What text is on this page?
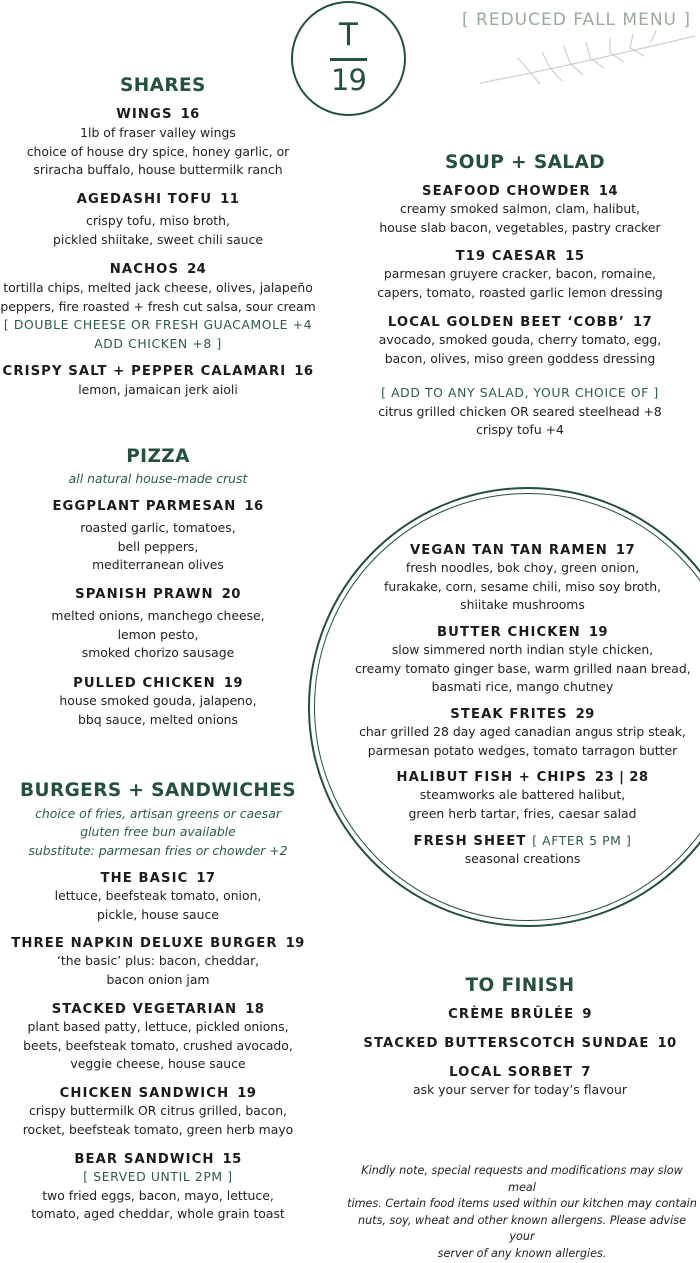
T
19
[ REDUCED FALL MENU ]
SHARES
WINGS 16
1lb of fraser valley wings
choice of house dry spice, honey garlic, or
sriracha buffalo, house buttermilk ranch
AGEDASHI TOFU 11
crispy tofu, miso broth,
pickled shiitake, sweet chili sauce
NACHOS 24
tortilla chips, melted jack cheese, olives, jalapeño
peppers, fire roasted + fresh cut salsa, sour cream
[ DOUBLE CHEESE OR FRESH GUACAMOLE +4
ADD CHICKEN +8 ]
CRISPY SALT + PEPPER CALAMARI 16
lemon, jamaican jerk aioli
PIZZA
all natural house-made crust
EGGPLANT PARMESAN 16
roasted garlic, tomatoes,
bell peppers,
mediterranean olives
SPANISH PRAWN 20
melted onions, manchego cheese,
lemon pesto,
smoked chorizo sausage
PULLED CHICKEN 19
house smoked gouda, jalapeno,
bbq sauce, melted onions
BURGERS + SANDWICHES
choice of fries, artisan greens or caesar
gluten free bun available
substitute: parmesan fries or chowder +2
THE BASIC 17
lettuce, beefsteak tomato, onion,
pickle, house sauce
THREE NAPKIN DELUXE BURGER 19
‘the basic’ plus: bacon, cheddar,
bacon onion jam
STACKED VEGETARIAN 18
plant based patty, lettuce, pickled onions,
beets, beefsteak tomato, crushed avocado,
veggie cheese, house sauce
CHICKEN SANDWICH 19
crispy buttermilk OR citrus grilled, bacon,
rocket, beefsteak tomato, green herb mayo
BEAR SANDWICH 15
[ SERVED UNTIL 2PM ]
two fried eggs, bacon, mayo, lettuce,
tomato, aged cheddar, whole grain toast
SOUP + SALAD
SEAFOOD CHOWDER 14
creamy smoked salmon, clam, halibut,
house slab bacon, vegetables, pastry cracker
T19 CAESAR 15
parmesan gruyere cracker, bacon, romaine,
capers, tomato, roasted garlic lemon dressing
LOCAL GOLDEN BEET ‘COBB’ 17
avocado, smoked gouda, cherry tomato, egg,
bacon, olives, miso green goddess dressing
[ ADD TO ANY SALAD, YOUR CHOICE OF ]
citrus grilled chicken OR seared steelhead +8
crispy tofu +4
VEGAN TAN TAN RAMEN 17
fresh noodles, bok choy, green onion,
furakake, corn, sesame chili, miso soy broth,
shiitake mushrooms
BUTTER CHICKEN 19
slow simmered north indian style chicken,
creamy tomato ginger base, warm grilled naan bread,
basmati rice, mango chutney
STEAK FRITES 29
char grilled 28 day aged canadian angus strip steak,
parmesan potato wedges, tomato tarragon butter
HALIBUT FISH + CHIPS 23 | 28
steamworks ale battered halibut,
green herb tartar, fries, caesar salad
FRESH SHEET [ AFTER 5 PM ]
seasonal creations
TO FINISH
CRÈME BRÛLÉE 9
STACKED BUTTERSCOTCH SUNDAE 10
LOCAL SORBET 7
ask your server for today’s flavour
Kindly note, special requests and modifications may slow meal
times. Certain food items used within our kitchen may contain
nuts, soy, wheat and other known allergens. Please advise your
server of any known allergies.
